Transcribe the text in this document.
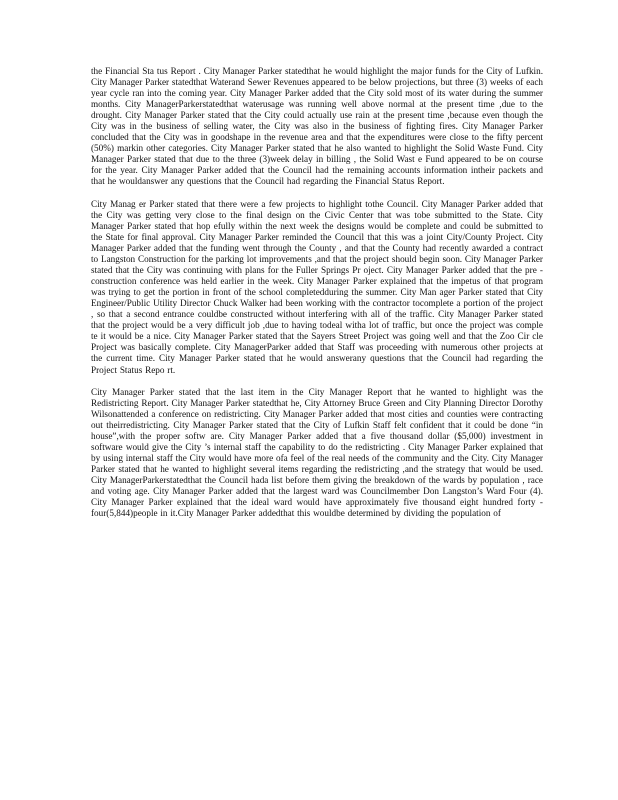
the Financial Sta tus Report . City Manager Parker statedthat he would highlight the major funds for the City of Lufkin. City Manager Parker statedthat Waterand Sewer Revenues appeared to be below projections, but three (3) weeks of each year cycle ran into the coming year. City Manager Parker added that the City sold most of its water during the summer months. City ManagerParkerstatedthat waterusage was running well above normal at the present time ,due to the drought. City Manager Parker stated that the City could actually use rain at the present time ,because even though the City was in the business of selling water, the City was also in the business of fighting fires. City Manager Parker concluded that the City was in goodshape in the revenue area and that the expenditures were close to the fifty percent (50%) markin other categories. City Manager Parker stated that he also wanted to highlight the Solid Waste Fund. City Manager Parker stated that due to the three (3)week delay in billing , the Solid Wast e Fund appeared to be on course for the year. City Manager Parker added that the Council had the remaining accounts information intheir packets and that he wouldanswer any questions that the Council had regarding the Financial Status Report.

City Manag er Parker stated that there were a few projects to highlight tothe Council. City Manager Parker added that the City was getting very close to the final design on the Civic Center that was tobe submitted to the State. City Manager Parker stated that hop efully within the next week the designs would be complete and could be submitted to the State for final approval. City Manager Parker reminded the Council that this was a joint City/County Project. City Manager Parker added that the funding went through the County , and that the County had recently awarded a contract to Langston Construction for the parking lot improvements ,and that the project should begin soon. City Manager Parker stated that the City was continuing with plans for the Fuller Springs Pr oject. City Manager Parker added that the pre - construction conference was held earlier in the week. City Manager Parker explained that the impetus of that program was trying to get the portion in front of the school completedduring the summer. City Man ager Parker stated that City Engineer/Public Utility Director Chuck Walker had been working with the contractor tocomplete a portion of the project , so that a second entrance couldbe constructed without interfering with all of the traffic. City Manager Parker stated that the project would be a very difficult job ,due to having todeal witha lot of traffic, but once the project was comple te it would be a nice. City Manager Parker stated that the Sayers Street Project was going well and that the Zoo Cir cle Project was basically complete. City ManagerParker added that Staff was proceeding with numerous other projects at the current time. City Manager Parker stated that he would answerany questions that the Council had regarding the Project Status Repo rt.

City Manager Parker stated that the last item in the City Manager Report that he wanted to highlight was the Redistricting Report. City Manager Parker statedthat he, City Attorney Bruce Green and City Planning Director Dorothy Wilsonattended a conference on redistricting. City Manager Parker added that most cities and counties were contracting out theirredistricting. City Manager Parker stated that the City of Lufkin Staff felt confident that it could be done “in house”,with the proper softw are. City Manager Parker added that a five thousand dollar ($5,000) investment in software would give the City ’s internal staff the capability to do the redistricting . City Manager Parker explained that by using internal staff the City would have more ofa feel of the real needs of the community and the City. City Manager Parker stated that he wanted to highlight several items regarding the redistricting ,and the strategy that would be used. City ManagerParkerstatedthat the Council hada list before them giving the breakdown of the wards by population , race and voting age. City Manager Parker added that the largest ward was Councilmember Don Langston’s Ward Four (4). City Manager Parker explained that the ideal ward would have approximately five thousand eight hundred forty -four(5,844)people in it.City Manager Parker addedthat this wouldbe determined by dividing the population of
